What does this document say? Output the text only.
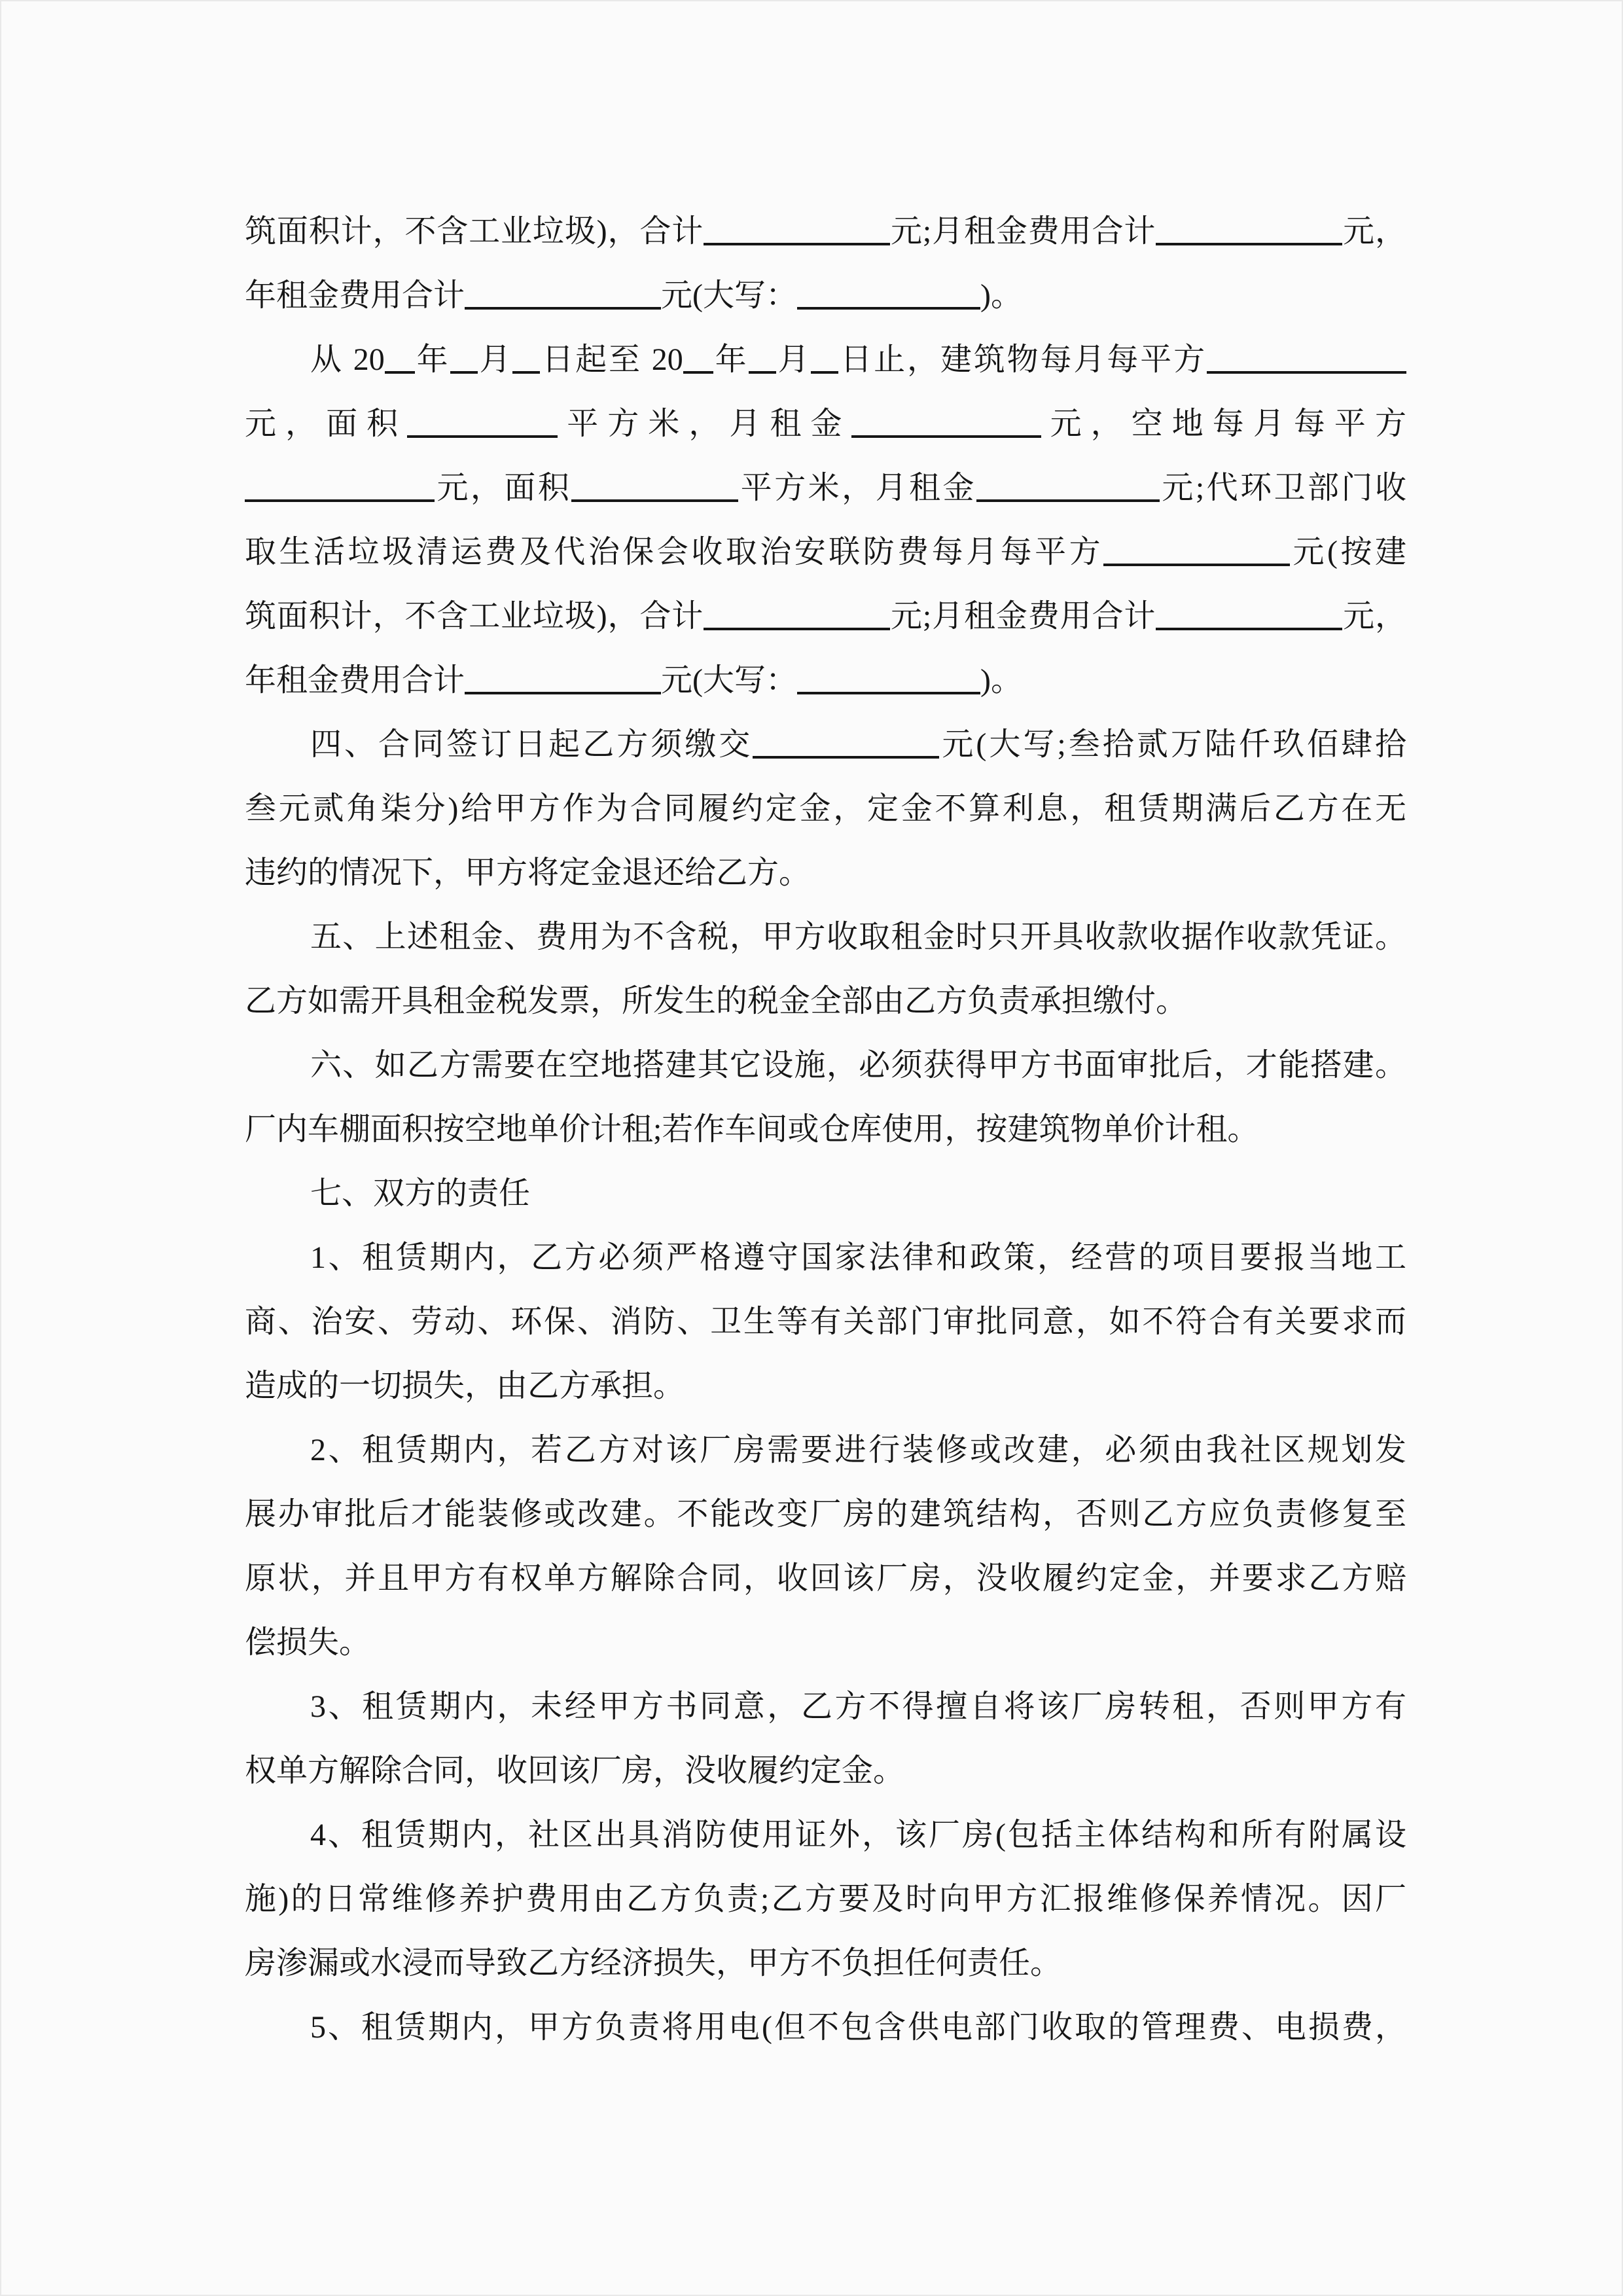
筑面积计，不含工业垃圾)，合计	元;月租金费用合计	元，
年租金费用合计	元(大写：	)。
从 20 年 月 日起至 20 年 月 日止，建筑物每月每平方
元，面积	平方米，月租金	元，空地每月每平方
元，面积	平方米，月租金	元;代环卫部门收
取生活垃圾清运费及代治保会收取治安联防费每月每平方	元(按建
筑面积计，不含工业垃圾)，合计	元;月租金费用合计	元，
年租金费用合计	元(大写：	)。
四、合同签订日起乙方须缴交	元(大写;叁拾贰万陆仟玖佰肆拾
叁元贰角柒分)给甲方作为合同履约定金，定金不算利息，租赁期满后乙方在无
违约的情况下，甲方将定金退还给乙方。
五、上述租金、费用为不含税，甲方收取租金时只开具收款收据作收款凭证。
乙方如需开具租金税发票，所发生的税金全部由乙方负责承担缴付。
六、如乙方需要在空地搭建其它设施，必须获得甲方书面审批后，才能搭建。
厂内车棚面积按空地单价计租;若作车间或仓库使用，按建筑物单价计租。
七、双方的责任
1、租赁期内，乙方必须严格遵守国家法律和政策，经营的项目要报当地工
商、治安、劳动、环保、消防、卫生等有关部门审批同意，如不符合有关要求而
造成的一切损失，由乙方承担。
2、租赁期内，若乙方对该厂房需要进行装修或改建，必须由我社区规划发
展办审批后才能装修或改建。不能改变厂房的建筑结构，否则乙方应负责修复至
原状，并且甲方有权单方解除合同，收回该厂房，没收履约定金，并要求乙方赔
偿损失。
3、租赁期内，未经甲方书同意，乙方不得擅自将该厂房转租，否则甲方有
权单方解除合同，收回该厂房，没收履约定金。
4、租赁期内，社区出具消防使用证外，该厂房(包括主体结构和所有附属设
施)的日常维修养护费用由乙方负责;乙方要及时向甲方汇报维修保养情况。因厂
房渗漏或水浸而导致乙方经济损失，甲方不负担任何责任。
5、租赁期内，甲方负责将用电(但不包含供电部门收取的管理费、电损费，
